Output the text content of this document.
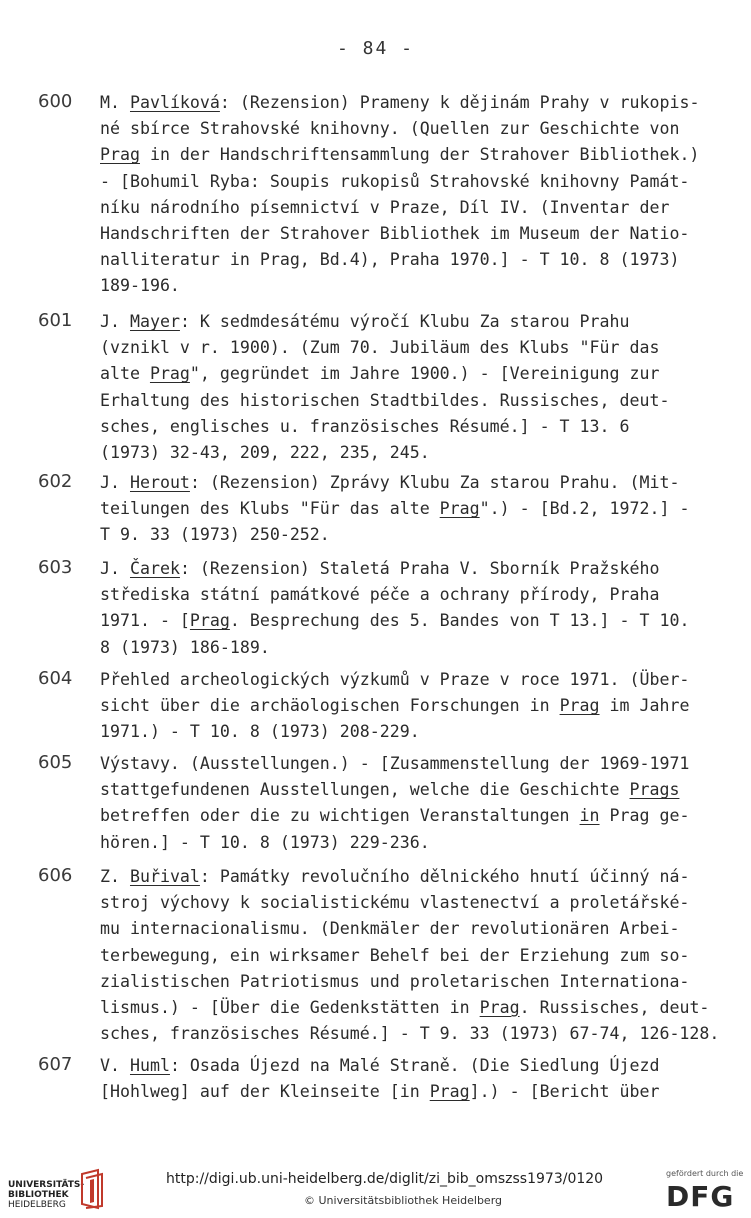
- 84 -
600	M. Pavlíková: (Rezension) Prameny k dějinám Prahy v rukopis-
né sbírce Strahovské knihovny. (Quellen zur Geschichte von
Prag in der Handschriftensammlung der Strahover Bibliothek.)
- [Bohumil Ryba: Soupis rukopisů Strahovské knihovny Památ-
níku národního písemnictví v Praze, Díl IV. (Inventar der
Handschriften der Strahover Bibliothek im Museum der Natio-
nalliteratur in Prag, Bd.4), Praha 1970.] - T 10. 8 (1973)
189-196.
601	J. Mayer: K sedmdesátému výročí Klubu Za starou Prahu
(vznikl v r. 1900). (Zum 70. Jubiläum des Klubs "Für das
alte Prag", gegründet im Jahre 1900.) - [Vereinigung zur
Erhaltung des historischen Stadtbildes. Russisches, deut-
sches, englisches u. französisches Résumé.] - T 13. 6
(1973) 32-43, 209, 222, 235, 245.
602	J. Herout: (Rezension) Zprávy Klubu Za starou Prahu. (Mit-
teilungen des Klubs "Für das alte Prag".) - [Bd.2, 1972.] -
T 9. 33 (1973) 250-252.
603	J. Čarek: (Rezension) Staletá Praha V. Sborník Pražského
střediska státní památkové péče a ochrany přírody, Praha
1971. - [Prag. Besprechung des 5. Bandes von T 13.] - T 10.
8 (1973) 186-189.
604	Přehled archeologických výzkumů v Praze v roce 1971. (Über-
sicht über die archäologischen Forschungen in Prag im Jahre
1971.) - T 10. 8 (1973) 208-229.
605	Výstavy. (Ausstellungen.) - [Zusammenstellung der 1969-1971
stattgefundenen Ausstellungen, welche die Geschichte Prags
betreffen oder die zu wichtigen Veranstaltungen in Prag ge-
hören.] - T 10. 8 (1973) 229-236.
606	Z. Buřival: Památky revolučního dělnického hnutí účinný ná-
stroj výchovy k socialistickému vlastenectví a proletářské-
mu internacionalismu. (Denkmäler der revolutionären Arbei-
terbewegung, ein wirksamer Behelf bei der Erziehung zum so-
zialistischen Patriotismus und proletarischen Internationa-
lismus.) - [Über die Gedenkstätten in Prag. Russisches, deut-
sches, französisches Résumé.] - T 9. 33 (1973) 67-74, 126-128.
607	V. Huml: Osada Újezd na Malé Straně. (Die Siedlung Újezd
[Hohlweg] auf der Kleinseite [in Prag].) - [Bericht über
UNIVERSITÄTS-
BIBLIOTHEK
HEIDELBERG
http://digi.ub.uni-heidelberg.de/diglit/zi_bib_omszss1973/0120
© Universitätsbibliothek Heidelberg
gefördert durch die
DFG
